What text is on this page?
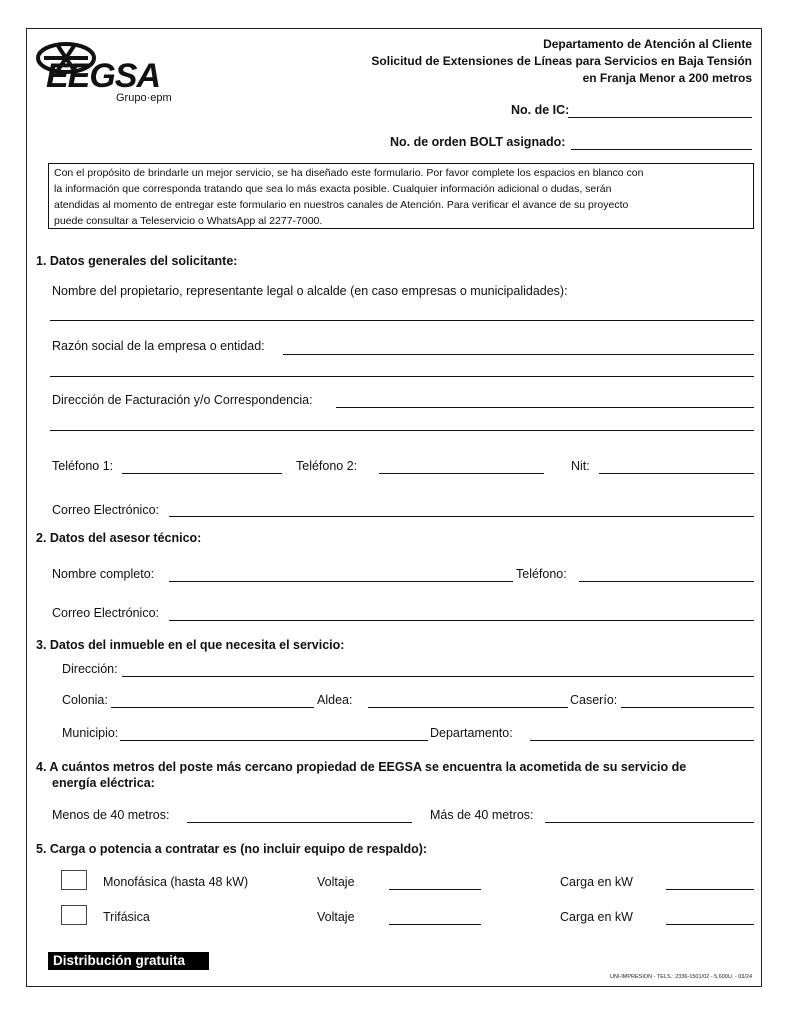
EEGSA
Grupo·epm
Departamento de Atención al Cliente
Solicitud de Extensiones de Líneas para Servicios en Baja Tensión
en Franja Menor a 200 metros
No. de IC:
No. de orden BOLT asignado:
Con el propósito de brindarle un mejor servicio, se ha diseñado este formulario. Por favor complete los espacios en blanco con
la información que corresponda tratando que sea lo más exacta posible. Cualquier información adicional o dudas, serán
atendidas al momento de entregar este formulario en nuestros canales de Atención. Para verificar el avance de su proyecto
puede consultar a Teleservicio o WhatsApp al 2277-7000.
1. Datos generales del solicitante:
Nombre del propietario, representante legal o alcalde (en caso empresas o municipalidades):
Razón social de la empresa o entidad:
Dirección de Facturación y/o Correspondencia:
Teléfono 1:	Teléfono 2:	Nit:
Correo Electrónico:
2. Datos del asesor técnico:
Nombre completo:	Teléfono:
Correo Electrónico:
3. Datos del inmueble en el que necesita el servicio:
Dirección:
Colonia:	Aldea:	Caserío:
Municipio:	Departamento:
4. A cuántos metros del poste más cercano propiedad de EEGSA se encuentra la acometida de su servicio de
energía eléctrica:
Menos de 40 metros:	Más de 40 metros:
5. Carga o potencia a contratar es (no incluir equipo de respaldo):
Monofásica (hasta 48 kW)	Voltaje	Carga en kW
Trifásica	Voltaje	Carga en kW
Distribución gratuita
UNI-IMPRESION - TELS.: 2336-1501/02 - 5,600U. - 03/24
